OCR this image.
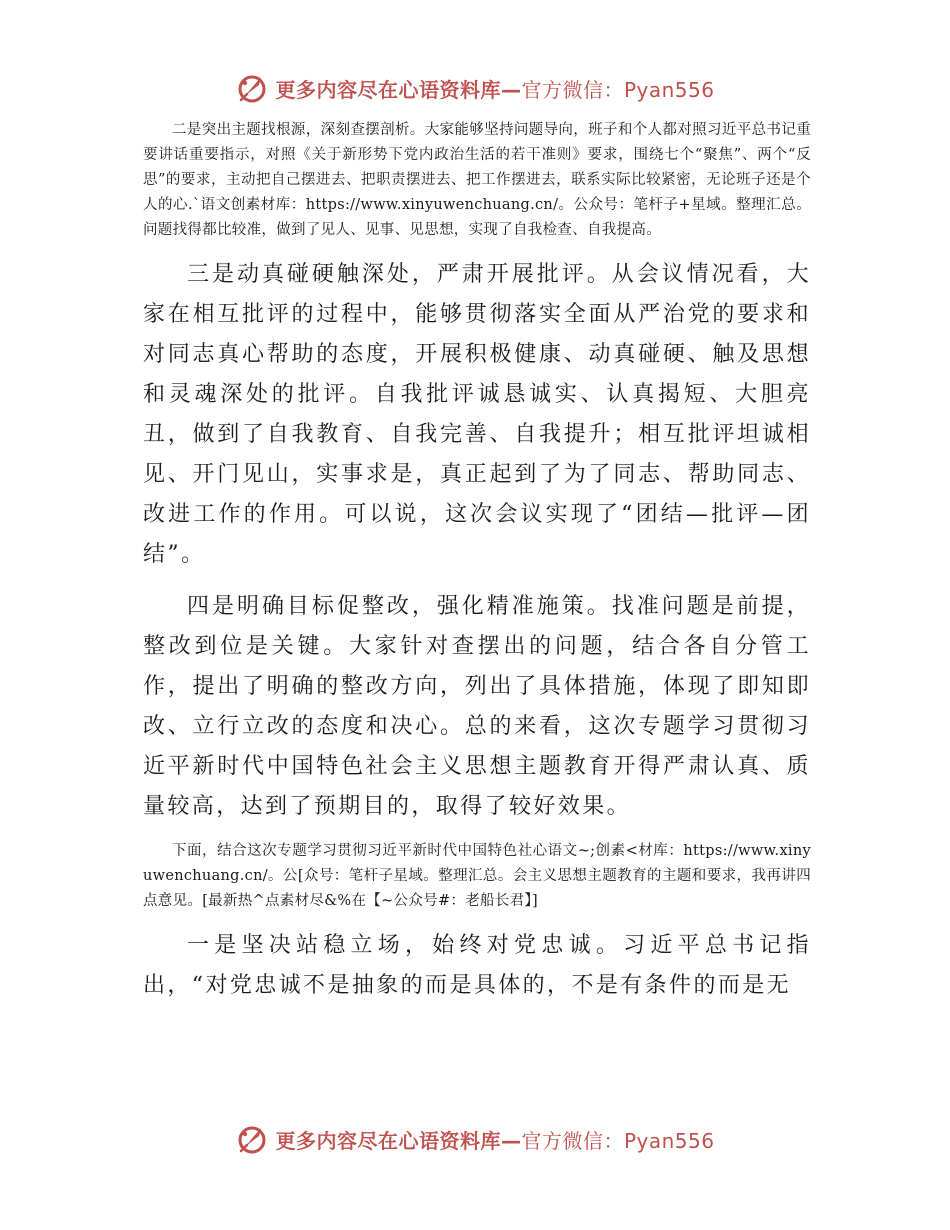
更多内容尽在心语资料库—官方微信：Pyan556

二是突出主题找根源，深刻查摆剖析。大家能够坚持问题导向，班子和个人都对照习近平总书记重要讲话重要指示，对照《关于新形势下党内政治生活的若干准则》要求，围绕七个“聚焦”、两个“反思”的要求，主动把自己摆进去、把职责摆进去、把工作摆进去，联系实际比较紧密，无论班子还是个人的心.`语文创素材库：https://www.xinyuwenchuang.cn/。公众号：笔杆子+星域。整理汇总。问题找得都比较准，做到了见人、见事、见思想，实现了自我检查、自我提高。

三是动真碰硬触深处，严肃开展批评。从会议情况看，大家在相互批评的过程中，能够贯彻落实全面从严治党的要求和对同志真心帮助的态度，开展积极健康、动真碰硬、触及思想和灵魂深处的批评。自我批评诚恳诚实、认真揭短、大胆亮丑，做到了自我教育、自我完善、自我提升；相互批评坦诚相见、开门见山，实事求是，真正起到了为了同志、帮助同志、改进工作的作用。可以说，这次会议实现了“团结—批评—团结”。

四是明确目标促整改，强化精准施策。找准问题是前提，整改到位是关键。大家针对查摆出的问题，结合各自分管工作，提出了明确的整改方向，列出了具体措施，体现了即知即改、立行立改的态度和决心。总的来看，这次专题学习贯彻习近平新时代中国特色社会主义思想主题教育开得严肃认真、质量较高，达到了预期目的，取得了较好效果。

下面，结合这次专题学习贯彻习近平新时代中国特色社心语文~;创素<材库：https://www.xinyuwenchuang.cn/。公[众号：笔杆子星域。整理汇总。会主义思想主题教育的主题和要求，我再讲四点意见。[最新热^点素材尽&%在【~公众号#：老船长君】]

一是坚决站稳立场，始终对党忠诚。习近平总书记指出，“对党忠诚不是抽象的而是具体的，不是有条件的而是无

更多内容尽在心语资料库—官方微信：Pyan556
